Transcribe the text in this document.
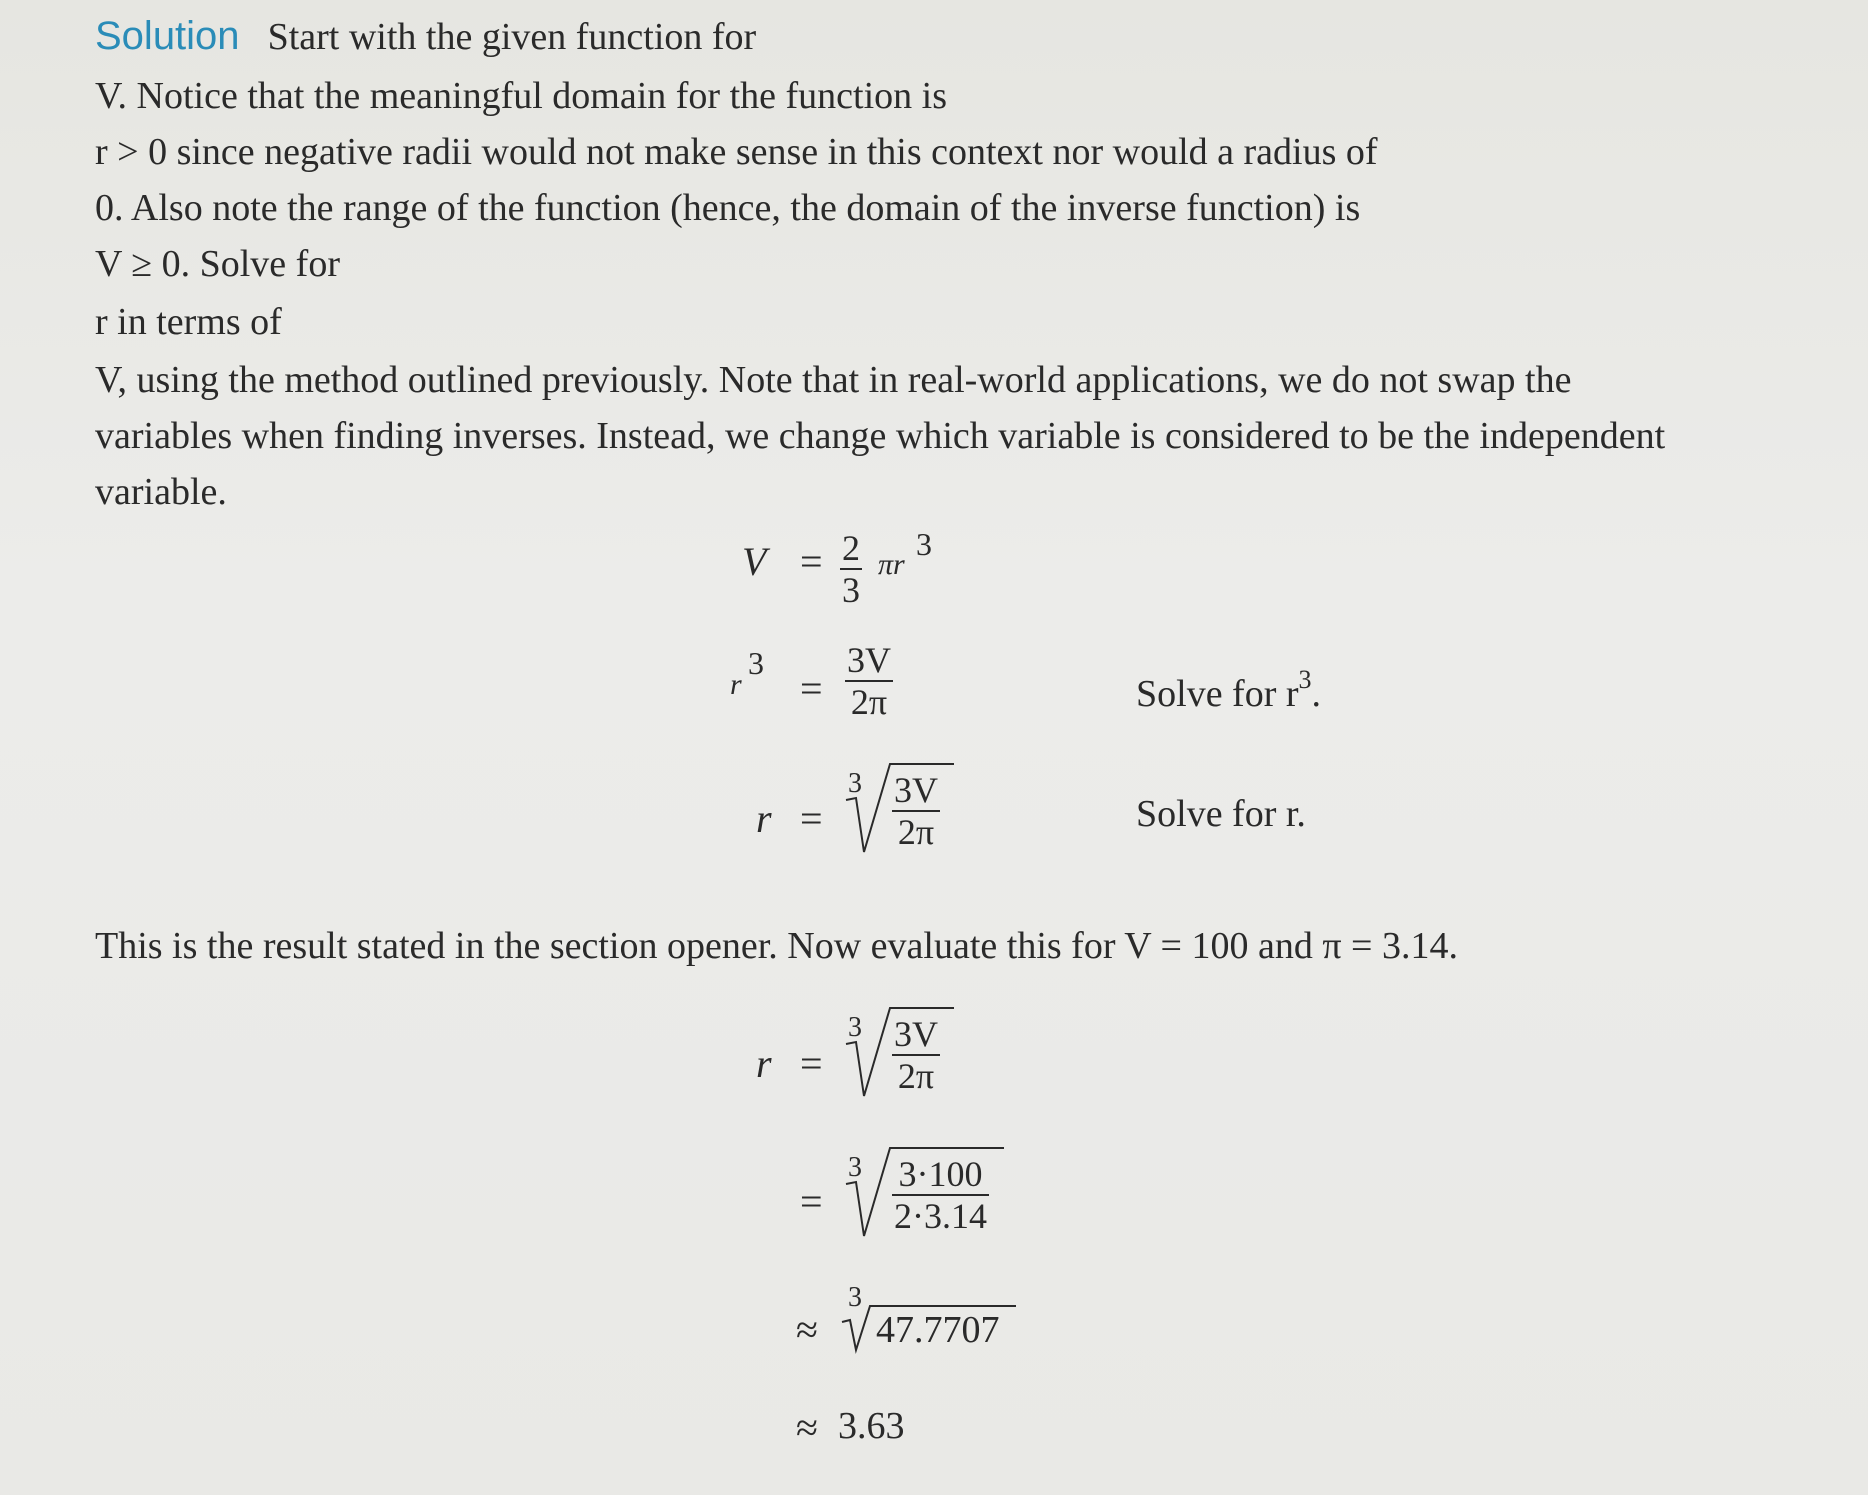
Solution Start with the given function for
V. Notice that the meaningful domain for the function is
r > 0 since negative radii would not make sense in this context nor would a radius of
0. Also note the range of the function (hence, the domain of the inverse function) is
V ≥ 0. Solve for
r in terms of
V, using the method outlined previously. Note that in real-world applications, we do not swap the
variables when finding inverses. Instead, we change which variable is considered to be the independent
variable.
V = 2
3
πr
3
r
3
=
3V
2π	Solve for $r^3$.
r =
3 3V
2π	Solve for r.
This is the result stated in the section opener. Now evaluate this for V = 100 and π = 3.14.
r =
3 3V
2π
=
3 3·100
2·3.14
≈
3
47.7707
≈ 3.63
